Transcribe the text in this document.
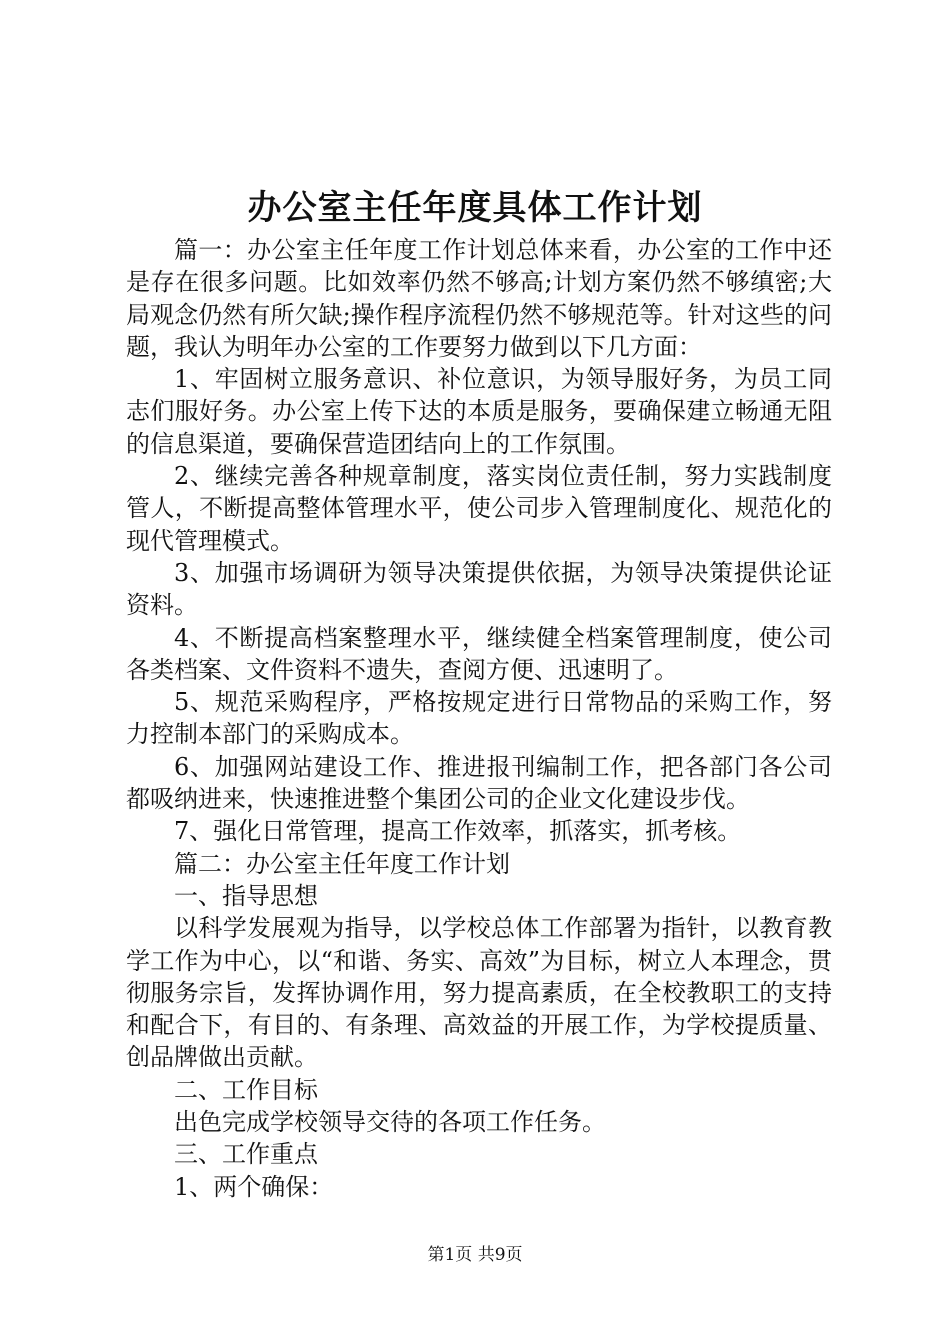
办公室主任年度具体工作计划

篇一：办公室主任年度工作计划总体来看，办公室的工作中还是存在很多问题。比如效率仍然不够高;计划方案仍然不够缜密;大局观念仍然有所欠缺;操作程序流程仍然不够规范等。针对这些的问题，我认为明年办公室的工作要努力做到以下几方面：

1、牢固树立服务意识、补位意识，为领导服好务，为员工同志们服好务。办公室上传下达的本质是服务，要确保建立畅通无阻的信息渠道，要确保营造团结向上的工作氛围。

2、继续完善各种规章制度，落实岗位责任制，努力实践制度管人，不断提高整体管理水平，使公司步入管理制度化、规范化的现代管理模式。

3、加强市场调研为领导决策提供依据，为领导决策提供论证资料。

4、不断提高档案整理水平，继续健全档案管理制度，使公司各类档案、文件资料不遗失，查阅方便、迅速明了。

5、规范采购程序，严格按规定进行日常物品的采购工作，努力控制本部门的采购成本。

6、加强网站建设工作、推进报刊编制工作，把各部门各公司都吸纳进来，快速推进整个集团公司的企业文化建设步伐。

7、强化日常管理，提高工作效率，抓落实，抓考核。

篇二：办公室主任年度工作计划

一、指导思想

以科学发展观为指导，以学校总体工作部署为指针，以教育教学工作为中心，以“和谐、务实、高效”为目标，树立人本理念，贯彻服务宗旨，发挥协调作用，努力提高素质，在全校教职工的支持和配合下，有目的、有条理、高效益的开展工作，为学校提质量、创品牌做出贡献。

二、工作目标

出色完成学校领导交待的各项工作任务。

三、工作重点

1、两个确保：

第1页 共9页
